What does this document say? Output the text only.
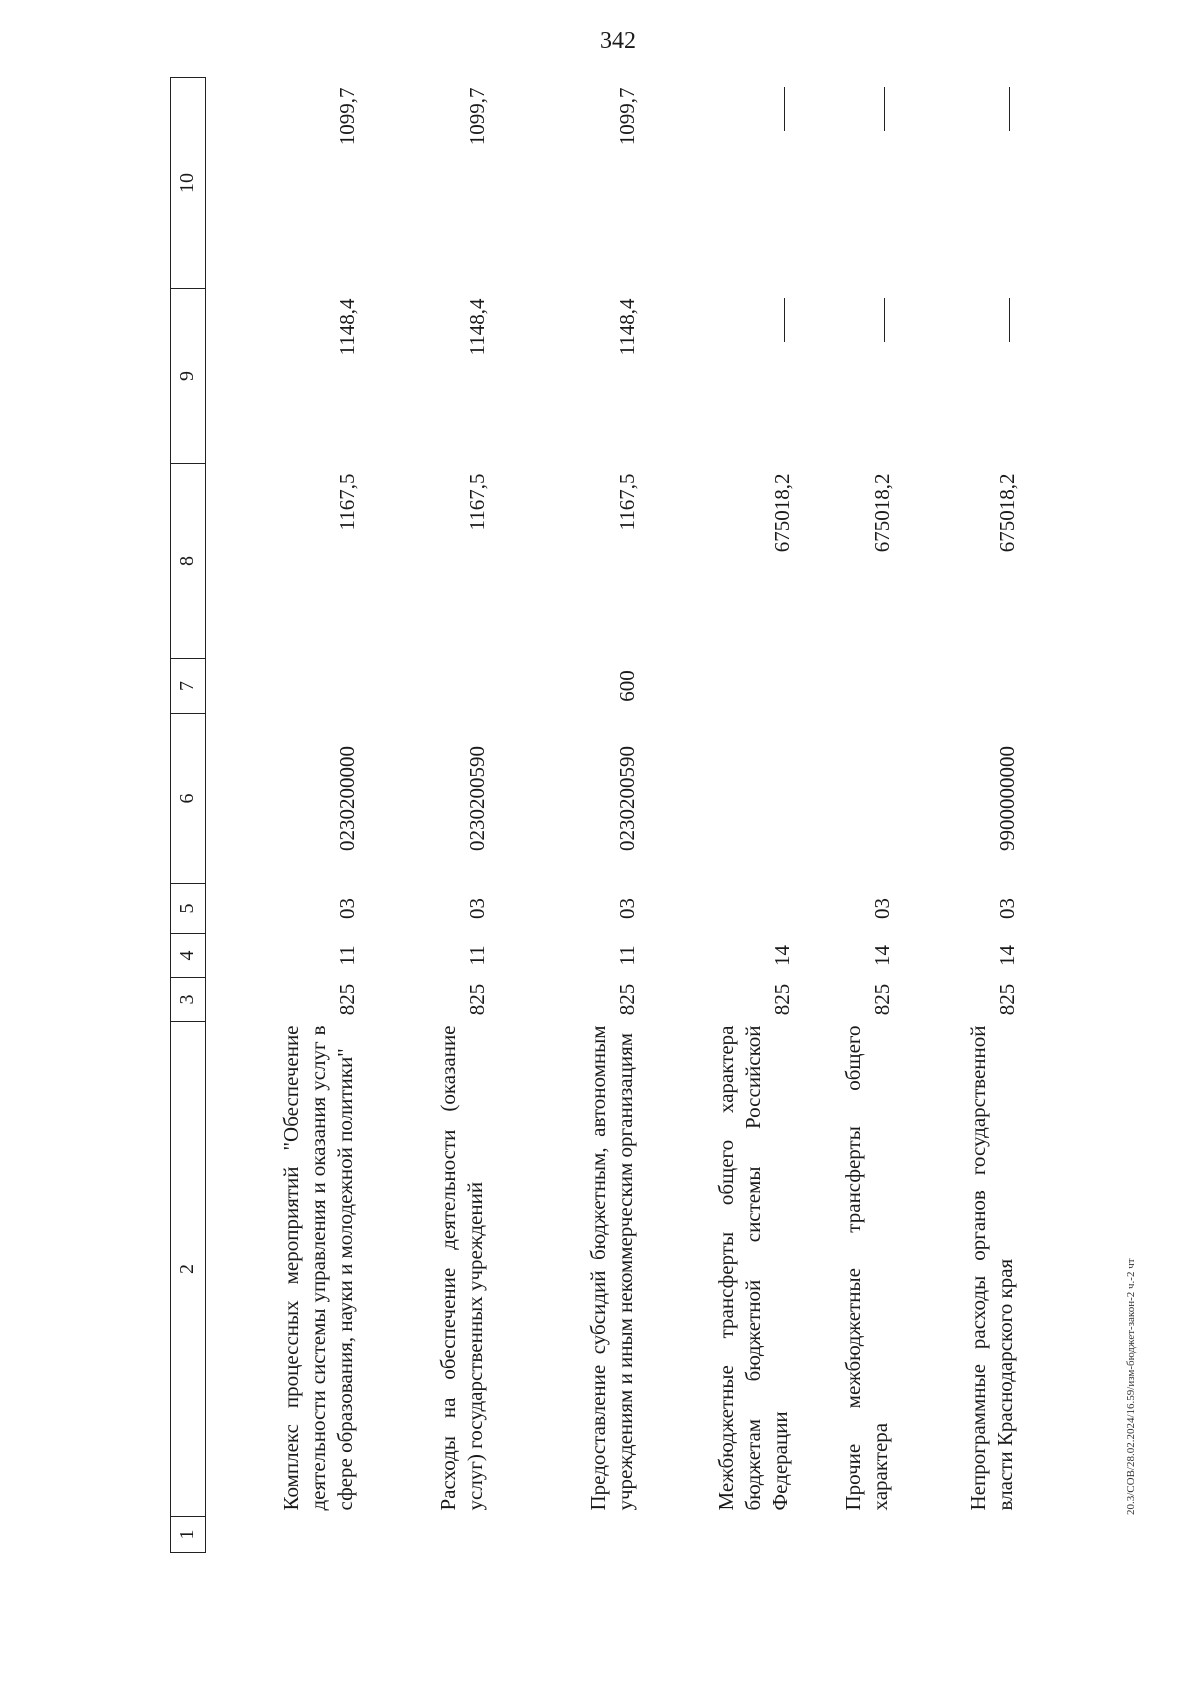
342
1	2	3	4	5	6	7	8	9	10

	Комплекс процессных мероприятий "Обеспечение деятельности системы управления и оказания услуг в сфере образования, науки и молодежной политики"	825	11	03	0230200000		1167,5	1148,4	1099,7

	Расходы на обеспечение деятельности (оказание услуг) государственных учреждений	825	11	03	0230200590		1167,5	1148,4	1099,7

	Предоставление субсидий бюджетным, автономным учреждениям и иным некоммерческим организациям	825	11	03	0230200590	600	1167,5	1148,4	1099,7

	Межбюджетные трансферты общего характера бюджетам бюджетной системы Российской Федерации	825	14				675018,2		

	Прочие межбюджетные трансферты общего характера	825	14	03			675018,2		

	Непрограммные расходы органов государственной власти Краснодарского края	825	14	03	9900000000		675018,2		
20.3/СОВ/28.02.2024/16.59/изм-бюджет-закон-2 ч.-2 чт
